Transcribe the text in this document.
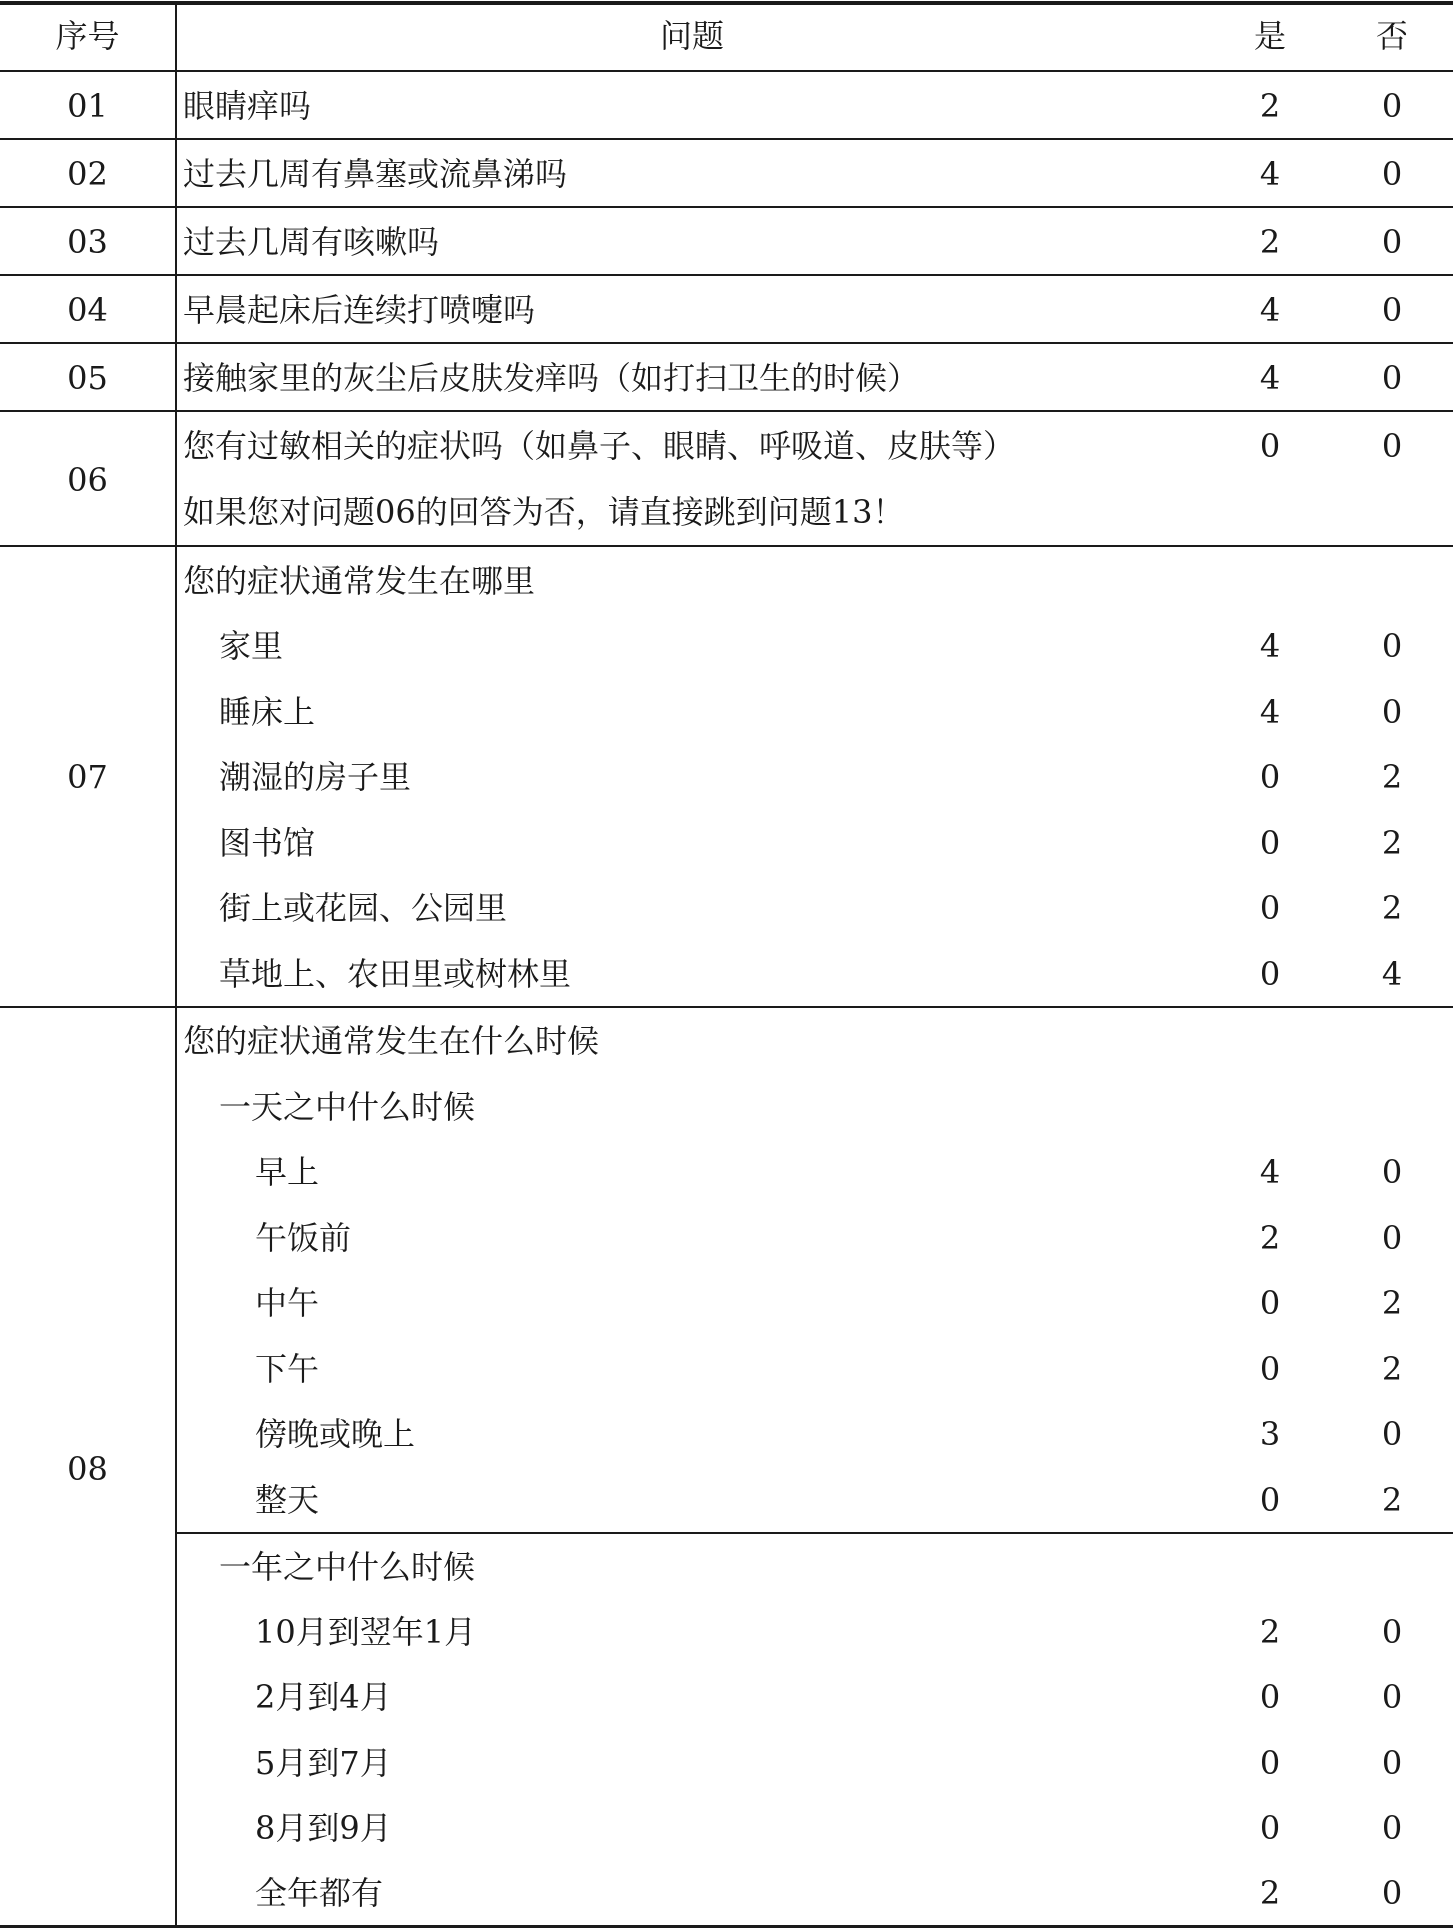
序号	问题	是	否
01	眼睛痒吗	2	0
02	过去几周有鼻塞或流鼻涕吗	4	0
03	过去几周有咳嗽吗	2	0
04	早晨起床后连续打喷嚏吗	4	0
05	接触家里的灰尘后皮肤发痒吗（如打扫卫生的时候）	4	0
06
您有过敏相关的症状吗（如鼻子、眼睛、呼吸道、皮肤等）	0	0
如果您对问题06的回答为否，请直接跳到问题13！
07
您的症状通常发生在哪里
家里	4	0
睡床上	4	0
潮湿的房子里	0	2
图书馆	0	2
街上或花园、公园里	0	2
草地上、农田里或树林里	0	4
08
您的症状通常发生在什么时候
一天之中什么时候
早上	4	0
午饭前	2	0
中午	0	2
下午	0	2
傍晚或晚上	3	0
整天	0	2
一年之中什么时候
10月到翌年1月	2	0
2月到4月	0	0
5月到7月	0	0
8月到9月	0	0
全年都有	2	0
